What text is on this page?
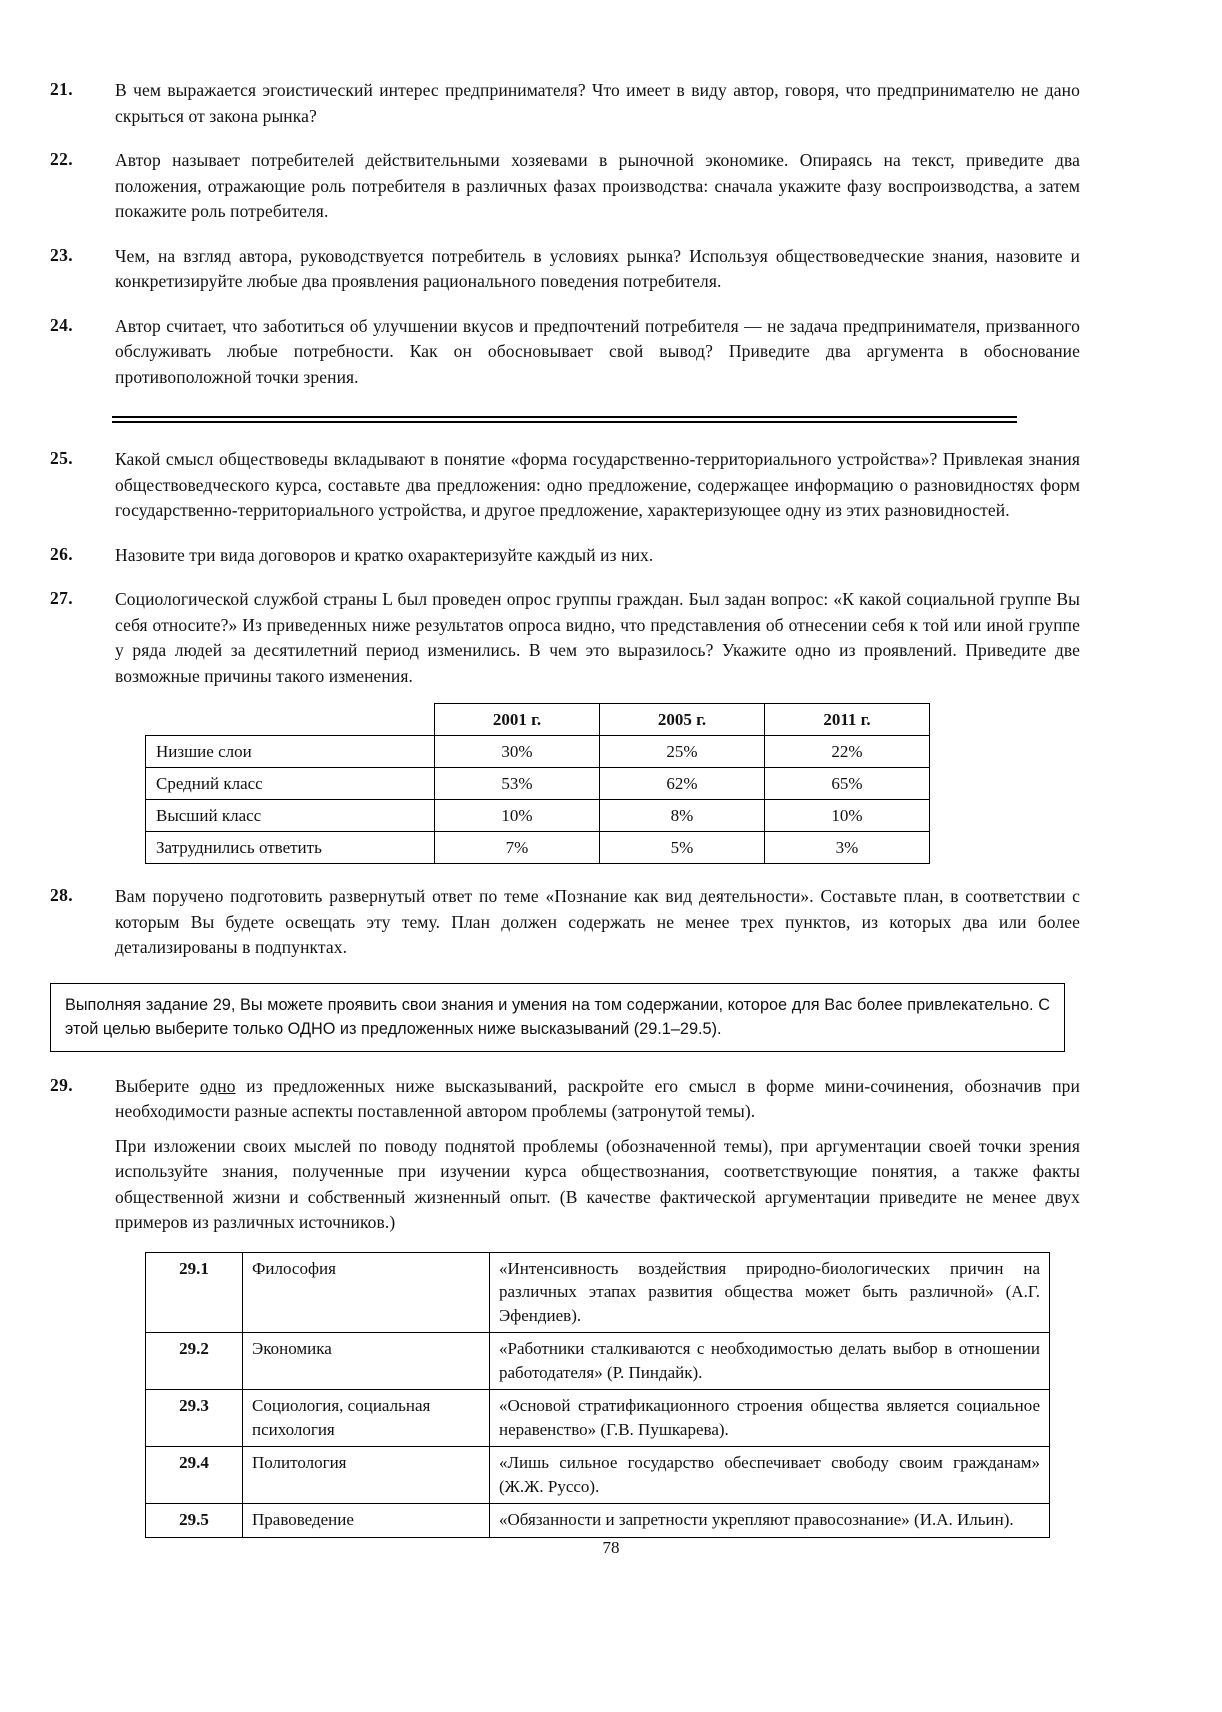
21.	В чем выражается эгоистический интерес предпринимателя? Что имеет в виду автор, говоря, что предпринимателю не дано скрыться от закона рынка?

22.	Автор называет потребителей действительными хозяевами в рыночной экономике. Опираясь на текст, приведите два положения, отражающие роль потребителя в различных фазах производства: сначала укажите фазу воспроизводства, а затем покажите роль потребителя.

23.	Чем, на взгляд автора, руководствуется потребитель в условиях рынка? Используя обществоведческие знания, назовите и конкретизируйте любые два проявления рационального поведения потребителя.

24.	Автор считает, что заботиться об улучшении вкусов и предпочтений потребителя — не задача предпринимателя, призванного обслуживать любые потребности. Как он обосновывает свой вывод? Приведите два аргумента в обоснование противоположной точки зрения.

25.	Какой смысл обществоведы вкладывают в понятие «форма государственно-территориального устройства»? Привлекая знания обществоведческого курса, составьте два предложения: одно предложение, содержащее информацию о разновидностях форм государственно-территориального устройства, и другое предложение, характеризующее одну из этих разновидностей.

26.	Назовите три вида договоров и кратко охарактеризуйте каждый из них.

27.	Социологической службой страны L был проведен опрос группы граждан. Был задан вопрос: «К какой социальной группе Вы себя относите?» Из приведенных ниже результатов опроса видно, что представления об отнесении себя к той или иной группе у ряда людей за десятилетний период изменились. В чем это выразилось? Укажите одно из проявлений. Приведите две возможные причины такого изменения.

	2001 г.	2005 г.	2011 г.
Низшие слои	30%	25%	22%
Средний класс	53%	62%	65%
Высший класс	10%	8%	10%
Затруднились ответить	7%	5%	3%
28.	Вам поручено подготовить развернутый ответ по теме «Познание как вид деятельности». Составьте план, в соответствии с которым Вы будете освещать эту тему. План должен содержать не менее трех пунктов, из которых два или более детализированы в подпунктах.

Выполняя задание 29, Вы можете проявить свои знания и умения на том содержании, которое для Вас более привлекательно. С этой целью выберите только ОДНО из предложенных ниже высказываний (29.1–29.5).
29.	Выберите одно из предложенных ниже высказываний, раскройте его смысл в форме мини-сочинения, обозначив при необходимости разные аспекты поставленной автором проблемы (затронутой темы).

При изложении своих мыслей по поводу поднятой проблемы (обозначенной темы), при аргументации своей точки зрения используйте знания, полученные при изучении курса обществознания, соответствующие понятия, а также факты общественной жизни и собственный жизненный опыт. (В качестве фактической аргументации приведите не менее двух примеров из различных источников.)

29.1	Философия	«Интенсивность воздействия природно-биологических причин на различных этапах развития общества может быть различной» (А.Г. Эфендиев).
29.2	Экономика	«Работники сталкиваются с необходимостью делать выбор в отношении работодателя» (Р. Пиндайк).
29.3	Социология, социальная психология	«Основой стратификационного строения общества является социальное неравенство» (Г.В. Пушкарева).
29.4	Политология	«Лишь сильное государство обеспечивает свободу своим гражданам» (Ж.Ж. Руссо).
29.5	Правоведение	«Обязанности и запретности укрепляют правосознание» (И.А. Ильин).
78
